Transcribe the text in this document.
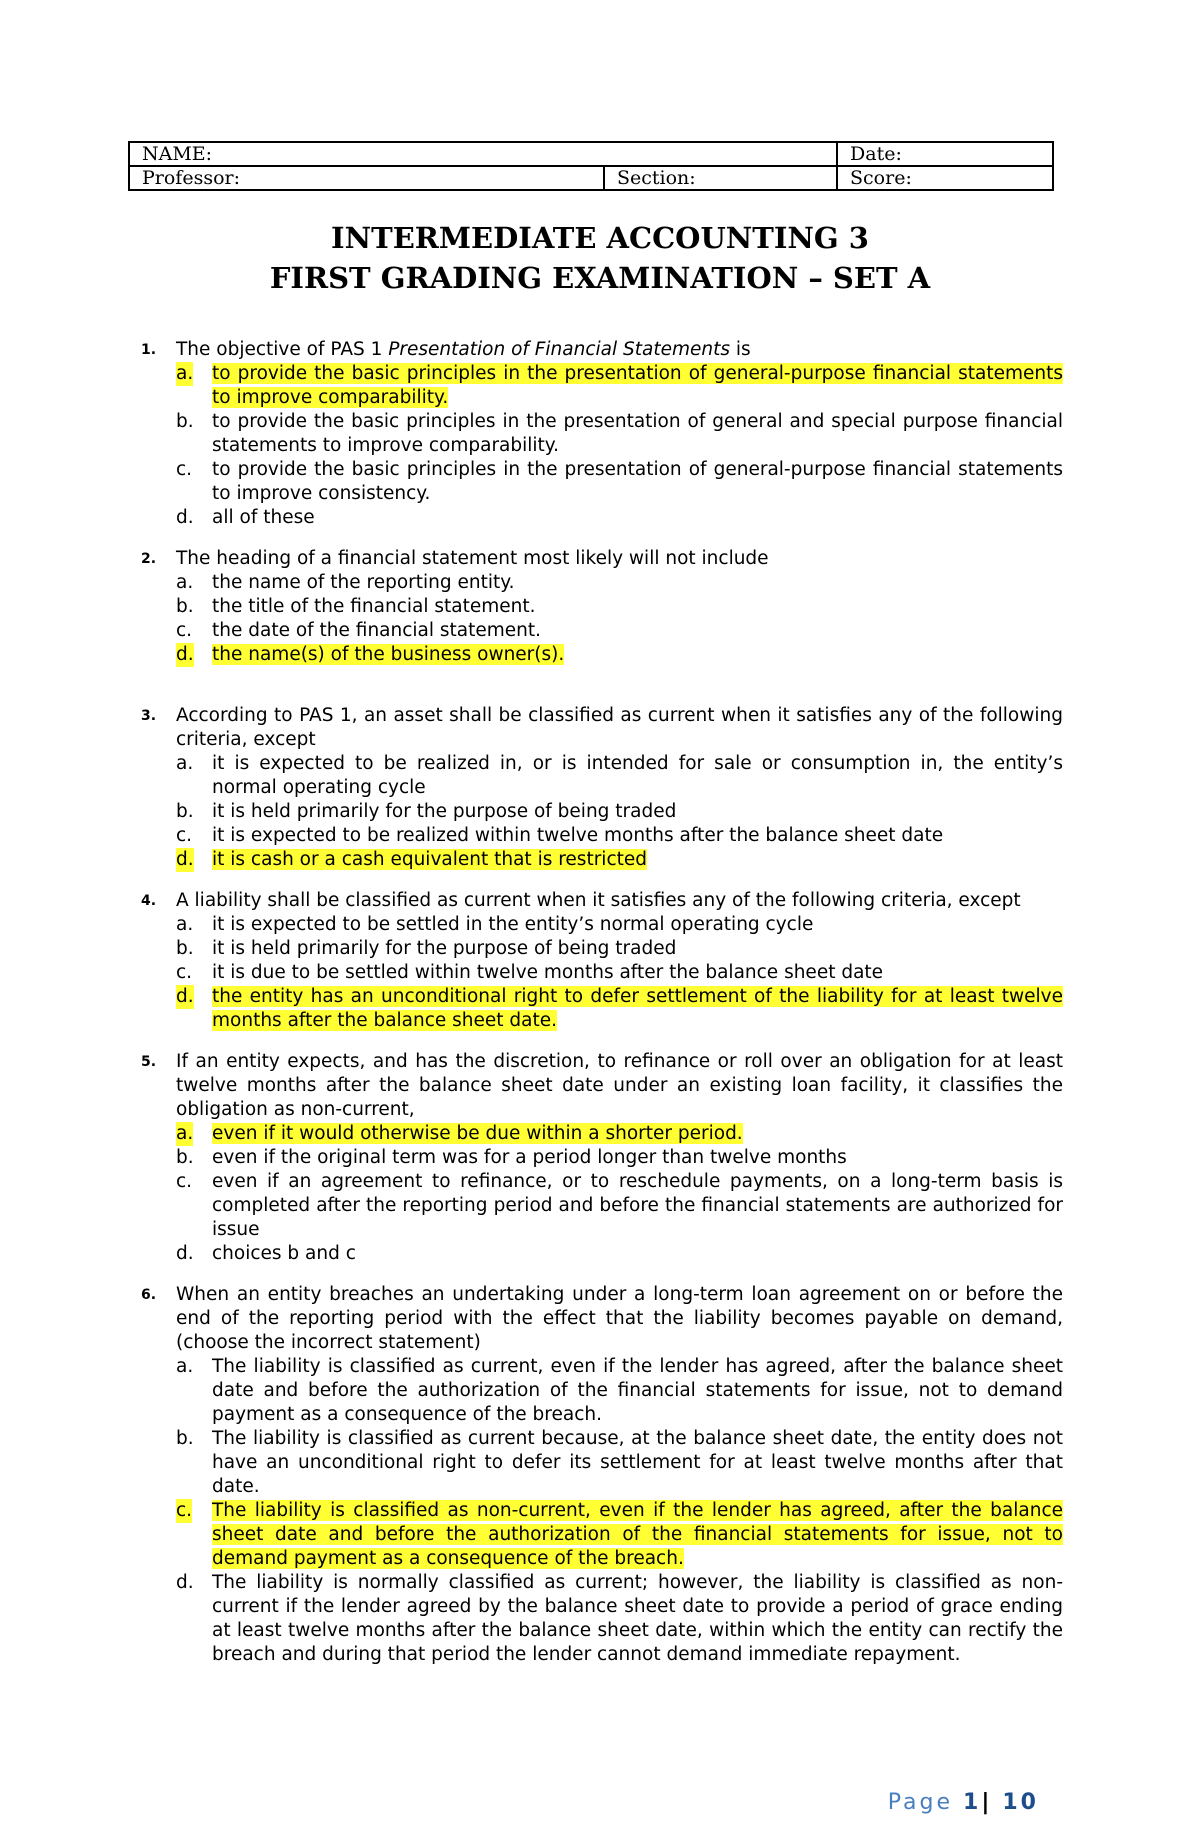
NAME:		Date:
Professor:	Section:	Score:
INTERMEDIATE ACCOUNTING 3
FIRST GRADING EXAMINATION – SET A
1. The objective of PAS 1 Presentation of Financial Statements is
a. to provide the basic principles in the presentation of general-purpose financial statements to improve comparability.
b. to provide the basic principles in the presentation of general and special purpose financial statements to improve comparability.
c. to provide the basic principles in the presentation of general-purpose financial statements to improve consistency.
d. all of these
2. The heading of a financial statement most likely will not include
a. the name of the reporting entity.
b. the title of the financial statement.
c. the date of the financial statement.
d. the name(s) of the business owner(s).
3. According to PAS 1, an asset shall be classified as current when it satisfies any of the following criteria, except
a. it is expected to be realized in, or is intended for sale or consumption in, the entity’s normal operating cycle
b. it is held primarily for the purpose of being traded
c. it is expected to be realized within twelve months after the balance sheet date
d. it is cash or a cash equivalent that is restricted
4. A liability shall be classified as current when it satisfies any of the following criteria, except
a. it is expected to be settled in the entity’s normal operating cycle
b. it is held primarily for the purpose of being traded
c. it is due to be settled within twelve months after the balance sheet date
d. the entity has an unconditional right to defer settlement of the liability for at least twelve months after the balance sheet date.
5. If an entity expects, and has the discretion, to refinance or roll over an obligation for at least twelve months after the balance sheet date under an existing loan facility, it classifies the obligation as non-current,
a. even if it would otherwise be due within a shorter period.
b. even if the original term was for a period longer than twelve months
c. even if an agreement to refinance, or to reschedule payments, on a long-term basis is completed after the reporting period and before the financial statements are authorized for issue
d. choices b and c
6. When an entity breaches an undertaking under a long-term loan agreement on or before the end of the reporting period with the effect that the liability becomes payable on demand, (choose the incorrect statement)
a. The liability is classified as current, even if the lender has agreed, after the balance sheet date and before the authorization of the financial statements for issue, not to demand payment as a consequence of the breach.
b. The liability is classified as current because, at the balance sheet date, the entity does not have an unconditional right to defer its settlement for at least twelve months after that date.
c. The liability is classified as non-current, even if the lender has agreed, after the balance sheet date and before the authorization of the financial statements for issue, not to demand payment as a consequence of the breach.
d. The liability is normally classified as current; however, the liability is classified as non-current if the lender agreed by the balance sheet date to provide a period of grace ending at least twelve months after the balance sheet date, within which the entity can rectify the breach and during that period the lender cannot demand immediate repayment.
Page 1| 10
